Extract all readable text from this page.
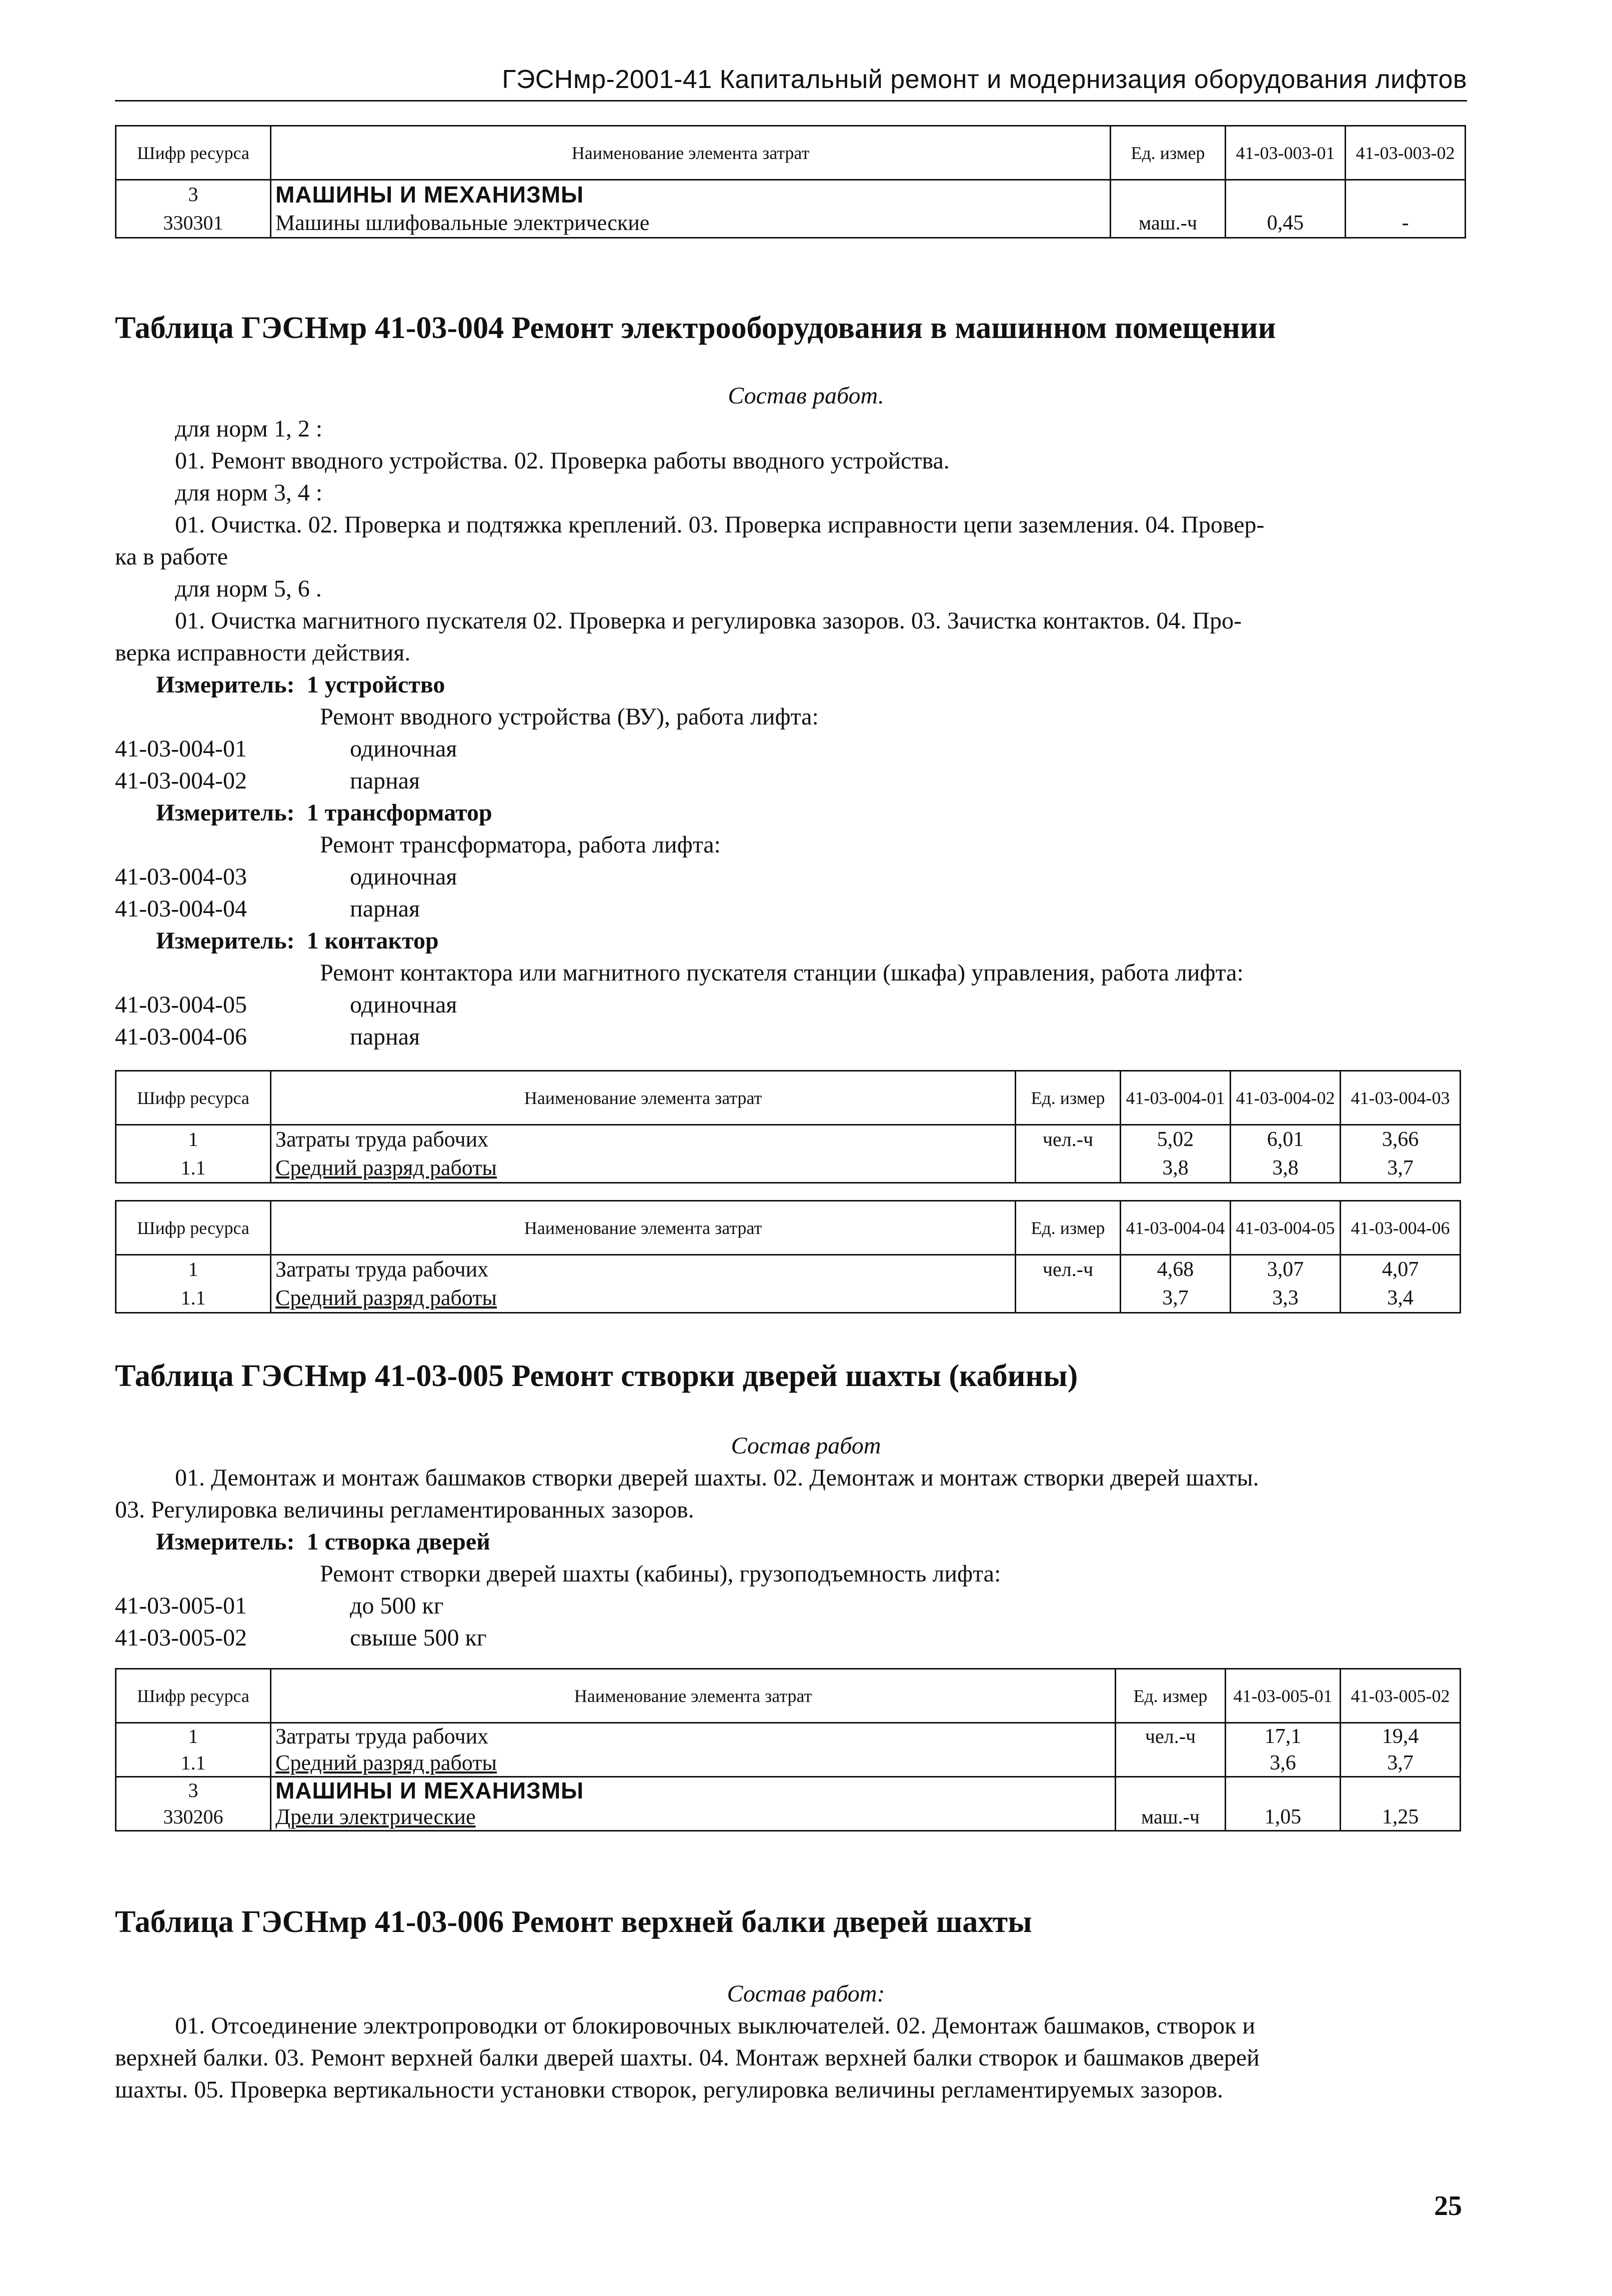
ГЭСНмр-2001-41 Капитальный ремонт и модернизация оборудования лифтов
Шифр ресурса	Наименование элемента затрат	Ед. измер	41-03-003-01	41-03-003-02
3	МАШИНЫ И МЕХАНИЗМЫ			
330301	Машины шлифовальные электрические	маш.-ч	0,45	-
Таблица ГЭСНмр 41-03-004 Ремонт электрооборудования в машинном помещении
Состав работ.
для норм 1, 2 :
01. Ремонт вводного устройства. 02. Проверка работы вводного устройства.
для норм 3, 4 :
01. Очистка. 02. Проверка и подтяжка креплений. 03. Проверка исправности цепи заземления. 04. Провер-
ка в работе
для норм 5, 6 .
01. Очистка магнитного пускателя 02. Проверка и регулировка зазоров. 03. Зачистка контактов. 04. Про-
верка исправности действия.
Измеритель: 1 устройство
Ремонт вводного устройства (ВУ), работа лифта:
41-03-004-01	одиночная
41-03-004-02	парная
Измеритель: 1 трансформатор
Ремонт трансформатора, работа лифта:
41-03-004-03	одиночная
41-03-004-04	парная
Измеритель: 1 контактор
Ремонт контактора или магнитного пускателя станции (шкафа) управления, работа лифта:
41-03-004-05	одиночная
41-03-004-06	парная
Шифр ресурса	Наименование элемента затрат	Ед. измер	41-03-004-01	41-03-004-02	41-03-004-03
1	Затраты труда рабочих	чел.-ч	5,02	6,01	3,66
1.1	Средний разряд работы		3,8	3,8	3,7
Шифр ресурса	Наименование элемента затрат	Ед. измер	41-03-004-04	41-03-004-05	41-03-004-06
1	Затраты труда рабочих	чел.-ч	4,68	3,07	4,07
1.1	Средний разряд работы		3,7	3,3	3,4
Таблица ГЭСНмр 41-03-005 Ремонт створки дверей шахты (кабины)
Состав работ
01. Демонтаж и монтаж башмаков створки дверей шахты. 02. Демонтаж и монтаж створки дверей шахты.
03. Регулировка величины регламентированных зазоров.
Измеритель: 1 створка дверей
Ремонт створки дверей шахты (кабины), грузоподъемность лифта:
41-03-005-01	до 500 кг
41-03-005-02	свыше 500 кг
Шифр ресурса	Наименование элемента затрат	Ед. измер	41-03-005-01	41-03-005-02
1	Затраты труда рабочих	чел.-ч	17,1	19,4
1.1	Средний разряд работы		3,6	3,7
3	МАШИНЫ И МЕХАНИЗМЫ			
330206	Дрели электрические	маш.-ч	1,05	1,25
Таблица ГЭСНмр 41-03-006 Ремонт верхней балки дверей шахты
Состав работ:
01. Отсоединение электропроводки от блокировочных выключателей. 02. Демонтаж башмаков, створок и
верхней балки. 03. Ремонт верхней балки дверей шахты. 04. Монтаж верхней балки створок и башмаков дверей
шахты. 05. Проверка вертикальности установки створок, регулировка величины регламентируемых зазоров.
25
